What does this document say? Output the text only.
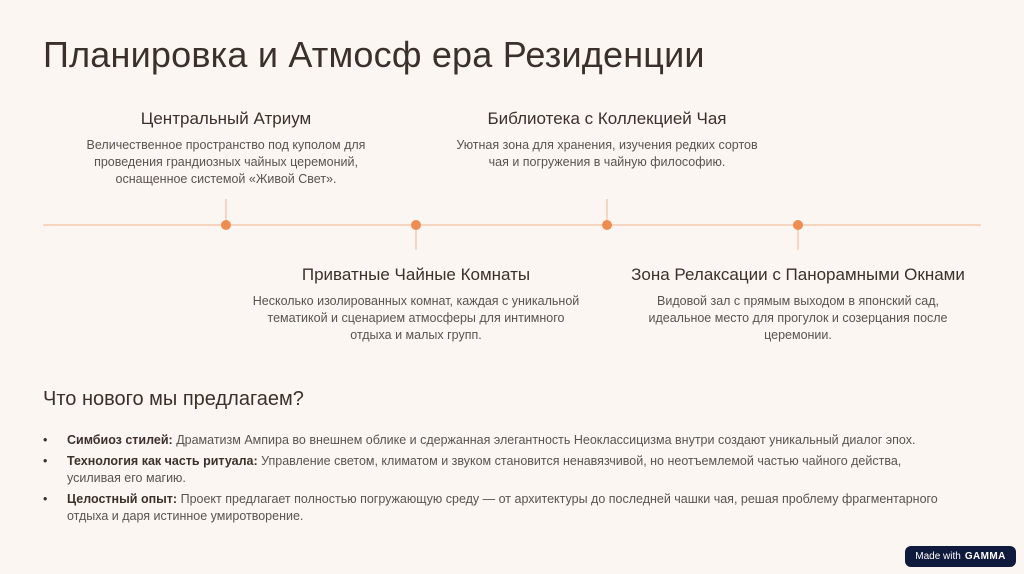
Планировка и Атмосф ера Резиденции
Центральный Атриум
Величественное пространство под куполом для проведения грандиозных чайных церемоний, оснащенное системой «Живой Свет».
Приватные Чайные Комнаты
Несколько изолированных комнат, каждая с уникальной тематикой и сценарием атмосферы для интимного отдыха и малых групп.
Библиотека с Коллекцией Чая
Уютная зона для хранения, изучения редких сортов чая и погружения в чайную философию.
Зона Релаксации с Панорамными Окнами
Видовой зал с прямым выходом в японский сад, идеальное место для прогулок и созерцания после церемонии.
Что нового мы предлагаем?
• Симбиоз стилей: Драматизм Ампира во внешнем облике и сдержанная элегантность Неоклассицизма внутри создают уникальный диалог эпох.
• Технология как часть ритуала: Управление светом, климатом и звуком становится ненавязчивой, но неотъемлемой частью чайного действа, усиливая его магию.
• Целостный опыт: Проект предлагает полностью погружающую среду — от архитектуры до последней чашки чая, решая проблему фрагментарного отдыха и даря истинное умиротворение.
Made with GAMMA
